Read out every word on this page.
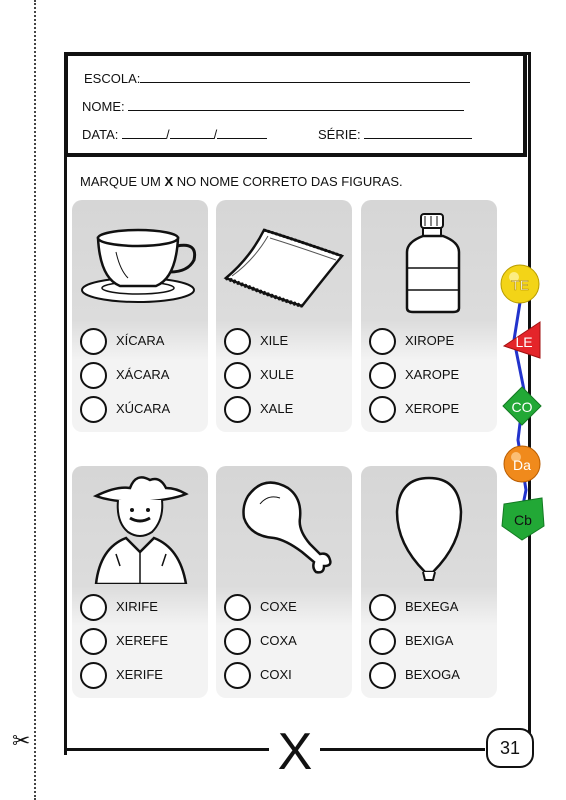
✂
ESCOLA:
NOME:
DATA:	/	/	SÉRIE:
MARQUE UM X NO NOME CORRETO DAS FIGURAS.
XÍCARA
XÁCARA
XÚCARA
XILE
XULE
XALE
XIROPE
XAROPE
XEROPE
XIRIFE
XEREFE
XERIFE
COXE
COXA
COXI
BEXEGA
BEXIGA
BEXOGA
TE
LE
CO
Da
Cb
X	31
